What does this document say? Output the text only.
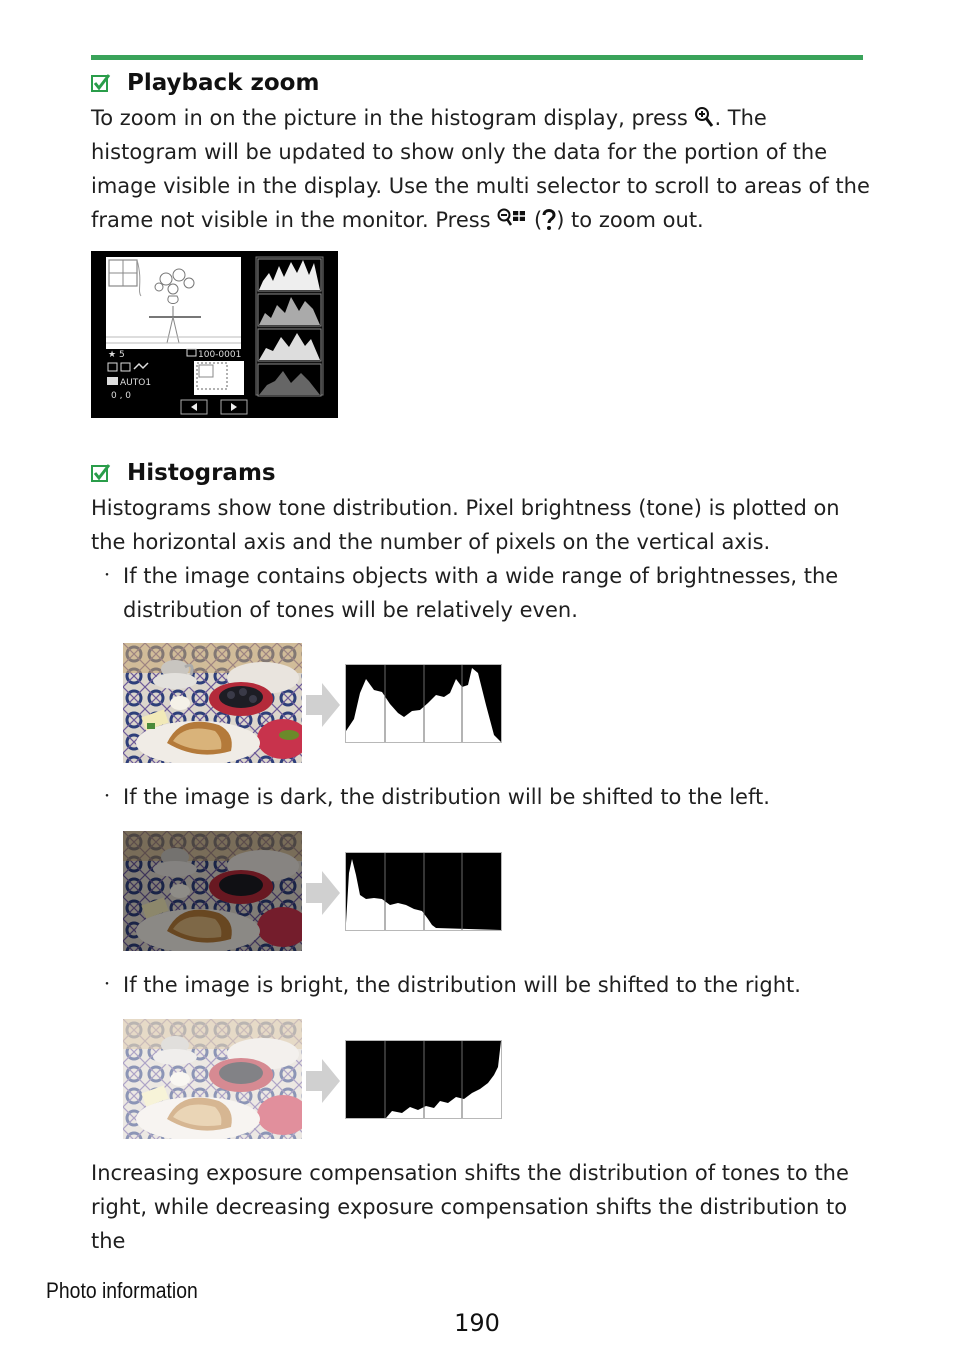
Playback zoom

To zoom in on the picture in the histogram display, press . The histogram will be updated to show only the data for the portion of the image visible in the display. Use the multi selector to scroll to areas of the frame not visible in the monitor. Press  ( ) to zoom out.

★ 5	100-0001
AUTO1
0 , 0
Histograms

Histograms show tone distribution. Pixel brightness (tone) is plotted on the horizontal axis and the number of pixels on the vertical axis.

・ If the image contains objects with a wide range of brightnesses, the distribution of tones will be relatively even.
・ If the image is dark, the distribution will be shifted to the left.
・ If the image is bright, the distribution will be shifted to the right.

Increasing exposure compensation shifts the distribution of tones to the right, while decreasing exposure compensation shifts the distribution to the

Photo information
190
